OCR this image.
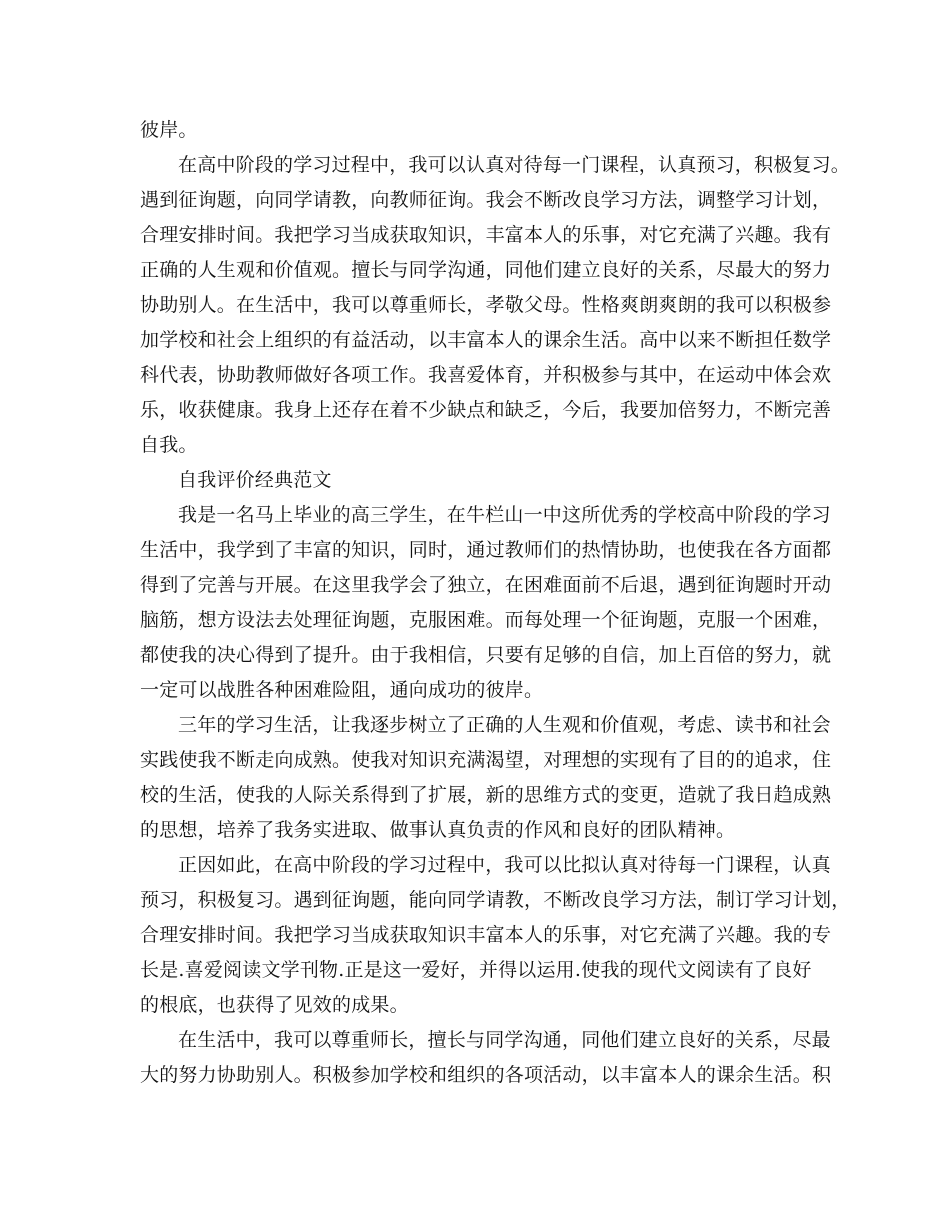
彼岸。
在高中阶段的学习过程中，我可以认真对待每一门课程，认真预习，积极复习。
遇到征询题，向同学请教，向教师征询。我会不断改良学习方法，调整学习计划，
合理安排时间。我把学习当成获取知识，丰富本人的乐事，对它充满了兴趣。我有
正确的人生观和价值观。擅长与同学沟通，同他们建立良好的关系，尽最大的努力
协助别人。在生活中，我可以尊重师长，孝敬父母。性格爽朗爽朗的我可以积极参
加学校和社会上组织的有益活动，以丰富本人的课余生活。高中以来不断担任数学
科代表，协助教师做好各项工作。我喜爱体育，并积极参与其中，在运动中体会欢
乐，收获健康。我身上还存在着不少缺点和缺乏，今后，我要加倍努力，不断完善
自我。
自我评价经典范文
我是一名马上毕业的高三学生，在牛栏山一中这所优秀的学校高中阶段的学习
生活中，我学到了丰富的知识，同时，通过教师们的热情协助，也使我在各方面都
得到了完善与开展。在这里我学会了独立，在困难面前不后退，遇到征询题时开动
脑筋，想方设法去处理征询题，克服困难。而每处理一个征询题，克服一个困难，
都使我的决心得到了提升。由于我相信，只要有足够的自信，加上百倍的努力，就
一定可以战胜各种困难险阻，通向成功的彼岸。
三年的学习生活，让我逐步树立了正确的人生观和价值观，考虑、读书和社会
实践使我不断走向成熟。使我对知识充满渴望，对理想的实现有了目的的追求，住
校的生活，使我的人际关系得到了扩展，新的思维方式的变更，造就了我日趋成熟
的思想，培养了我务实进取、做事认真负责的作风和良好的团队精神。
正因如此，在高中阶段的学习过程中，我可以比拟认真对待每一门课程，认真
预习，积极复习。遇到征询题，能向同学请教，不断改良学习方法，制订学习计划，
合理安排时间。我把学习当成获取知识丰富本人的乐事，对它充满了兴趣。我的专
长是.喜爱阅读文学刊物.正是这一爱好，并得以运用.使我的现代文阅读有了良好
的根底，也获得了见效的成果。
在生活中，我可以尊重师长，擅长与同学沟通，同他们建立良好的关系，尽最
大的努力协助别人。积极参加学校和组织的各项活动，以丰富本人的课余生活。积
